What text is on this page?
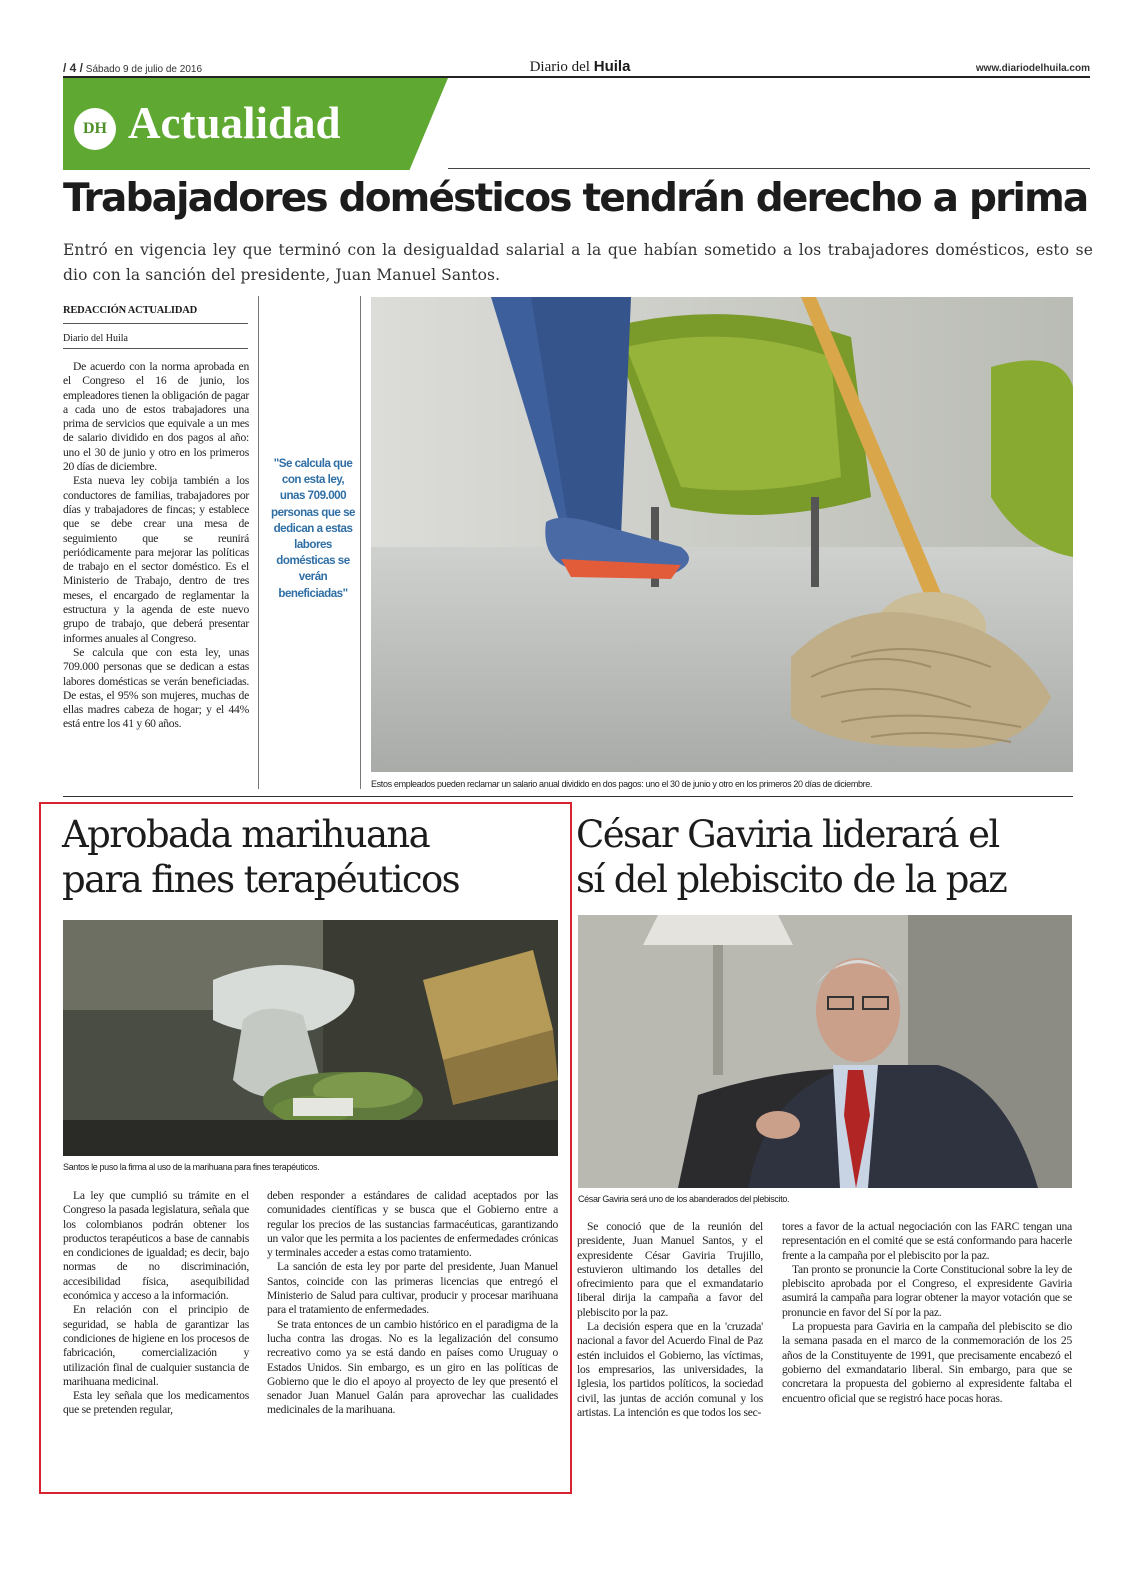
/ 4 / Sábado 9 de julio de 2016	Diario del Huila	www.diariodelhuila.com
DH Actualidad
Trabajadores domésticos tendrán derecho a prima

Entró en vigencia ley que terminó con la desigualdad salarial a la que habían sometido a los trabajadores domésticos, esto se dio con la sanción del presidente, Juan Manuel Santos.

REDACCIÓN ACTUALIDAD
Diario del Huila

De acuerdo con la norma aprobada en el Congreso el 16 de junio, los empleadores tienen la obligación de pagar a cada uno de estos trabajadores una prima de servicios que equivale a un mes de salario dividido en dos pagos al año: uno el 30 de junio y otro en los primeros 20 días de diciembre.

Esta nueva ley cobija también a los conductores de familias, trabajadores por días y trabajadores de fincas; y establece que se debe crear una mesa de seguimiento que se reunirá periódicamente para mejorar las políticas de trabajo en el sector doméstico. Es el Ministerio de Trabajo, dentro de tres meses, el encargado de reglamentar la estructura y la agenda de este nuevo grupo de trabajo, que deberá presentar informes anuales al Congreso.

Se calcula que con esta ley, unas 709.000 personas que se dedican a estas labores domésticas se verán beneficiadas. De estas, el 95% son mujeres, muchas de ellas madres cabeza de hogar; y el 44% está entre los 41 y 60 años.

"Se calcula que con esta ley, unas 709.000 personas que se dedican a estas labores domésticas se verán beneficiadas"
Estos empleados pueden reclamar un salario anual dividido en dos pagos: uno el 30 de junio y otro en los primeros 20 días de diciembre.
Aprobada marihuana
para fines terapéuticos
Santos le puso la firma al uso de la marihuana para fines terapéuticos.

La ley que cumplió su trámite en el Congreso la pasada legislatura, señala que los colombianos podrán obtener los productos terapéuticos a base de cannabis en condiciones de igualdad; es decir, bajo normas de no discriminación, accesibilidad física, asequibilidad económica y acceso a la información.

En relación con el principio de seguridad, se habla de garantizar las condiciones de higiene en los procesos de fabricación, comercialización y utilización final de cualquier sustancia de marihuana medicinal.

Esta ley señala que los medicamentos que se pretenden regular,

deben responder a estándares de calidad aceptados por las comunidades científicas y se busca que el Gobierno entre a regular los precios de las sustancias farmacéuticas, garantizando un valor que les permita a los pacientes de enfermedades crónicas y terminales acceder a estas como tratamiento.

La sanción de esta ley por parte del presidente, Juan Manuel Santos, coincide con las primeras licencias que entregó el Ministerio de Salud para cultivar, producir y procesar marihuana para el tratamiento de enfermedades.

Se trata entonces de un cambio histórico en el paradigma de la lucha contra las drogas. No es la legalización del consumo recreativo como ya se está dando en países como Uruguay o Estados Unidos. Sin embargo, es un giro en las políticas de Gobierno que le dio el apoyo al proyecto de ley que presentó el senador Juan Manuel Galán para aprovechar las cualidades medicinales de la marihuana.

César Gaviria liderará el
sí del plebiscito de la paz
César Gaviria será uno de los abanderados del plebiscito.

Se conoció que de la reunión del presidente, Juan Manuel Santos, y el expresidente César Gaviria Trujillo, estuvieron ultimando los detalles del ofrecimiento para que el exmandatario liberal dirija la campaña a favor del plebiscito por la paz.

La decisión espera que en la 'cruzada' nacional a favor del Acuerdo Final de Paz estén incluidos el Gobierno, las víctimas, los empresarios, las universidades, la Iglesia, los partidos políticos, la sociedad civil, las juntas de acción comunal y los artistas. La intención es que todos los sec-

tores a favor de la actual negociación con las FARC tengan una representación en el comité que se está conformando para hacerle frente a la campaña por el plebiscito por la paz.

Tan pronto se pronuncie la Corte Constitucional sobre la ley de plebiscito aprobada por el Congreso, el expresidente Gaviria asumirá la campaña para lograr obtener la mayor votación que se pronuncie en favor del Sí por la paz.

La propuesta para Gaviria en la campaña del plebiscito se dio la semana pasada en el marco de la conmemoración de los 25 años de la Constituyente de 1991, que precisamente encabezó el gobierno del exmandatario liberal. Sin embargo, para que se concretara la propuesta del gobierno al expresidente faltaba el encuentro oficial que se registró hace pocas horas.
